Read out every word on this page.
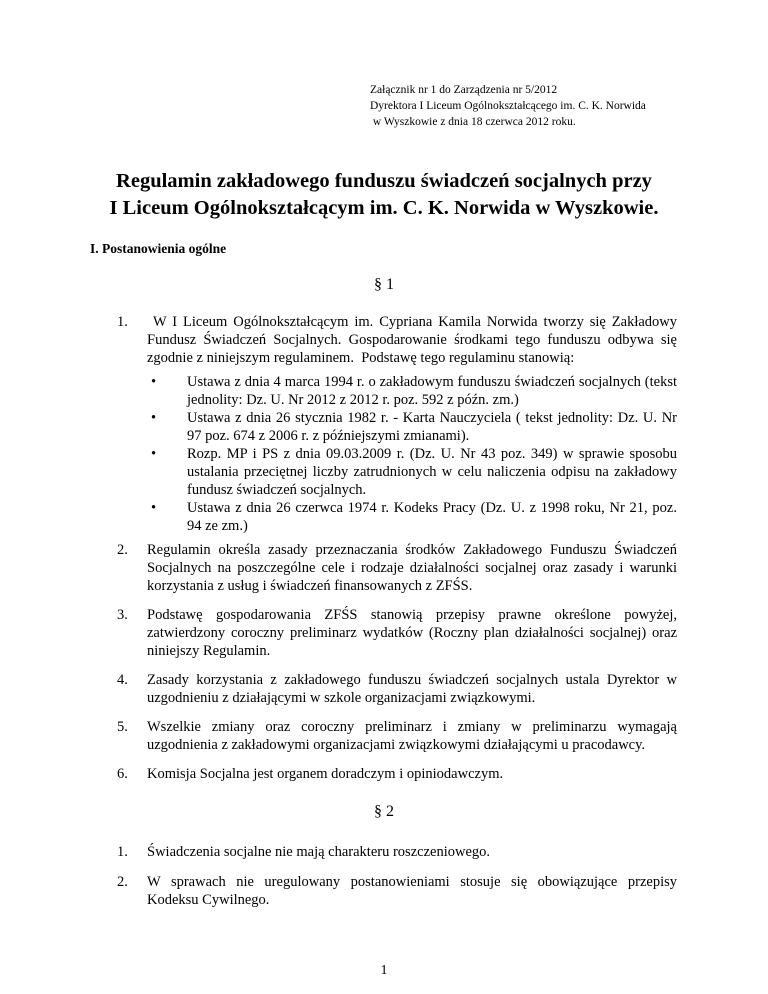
Załącznik nr 1 do Zarządzenia nr 5/2012
Dyrektora I Liceum Ogólnokształcącego im. C. K. Norwida
w Wyszkowie z dnia 18 czerwca 2012 roku.
Regulamin zakładowego funduszu świadczeń socjalnych przy
I Liceum Ogólnokształcącym im. C. K. Norwida w Wyszkowie.
I. Postanowienia ogólne
§ 1
1. W I Liceum Ogólnokształcącym im. Cypriana Kamila Norwida tworzy się Zakładowy Fundusz Świadczeń Socjalnych. Gospodarowanie środkami tego funduszu odbywa się zgodnie z niniejszym regulaminem.  Podstawę tego regulaminu stanowią:
• Ustawa z dnia 4 marca 1994 r. o zakładowym funduszu świadczeń socjalnych (tekst jednolity: Dz. U. Nr 2012 z 2012 r. poz. 592 z późn. zm.)
• Ustawa z dnia 26 stycznia 1982 r. - Karta Nauczyciela ( tekst jednolity: Dz. U. Nr 97 poz. 674 z 2006 r. z późniejszymi zmianami).
• Rozp. MP i PS z dnia 09.03.2009 r. (Dz. U. Nr 43 poz. 349) w sprawie sposobu ustalania przeciętnej liczby zatrudnionych w celu naliczenia odpisu na zakładowy fundusz świadczeń socjalnych.
• Ustawa z dnia 26 czerwca 1974 r. Kodeks Pracy (Dz. U. z 1998 roku, Nr 21, poz. 94 ze zm.)
2. Regulamin określa zasady przeznaczania środków Zakładowego Funduszu Świadczeń Socjalnych na poszczególne cele i rodzaje działalności socjalnej oraz zasady i warunki korzystania z usług i świadczeń finansowanych z ZFŚS.
3. Podstawę gospodarowania ZFŚS stanowią przepisy prawne określone powyżej, zatwierdzony coroczny preliminarz wydatków (Roczny plan działalności socjalnej) oraz niniejszy Regulamin.
4. Zasady korzystania z zakładowego funduszu świadczeń socjalnych ustala Dyrektor w uzgodnieniu z działającymi w szkole organizacjami związkowymi.
5. Wszelkie zmiany oraz coroczny preliminarz i zmiany w preliminarzu wymagają uzgodnienia z zakładowymi organizacjami związkowymi działającymi u pracodawcy.
6. Komisja Socjalna jest organem doradczym i opiniodawczym.
§ 2
1. Świadczenia socjalne nie mają charakteru roszczeniowego.
2. W sprawach nie uregulowany postanowieniami stosuje się obowiązujące przepisy Kodeksu Cywilnego.
1
